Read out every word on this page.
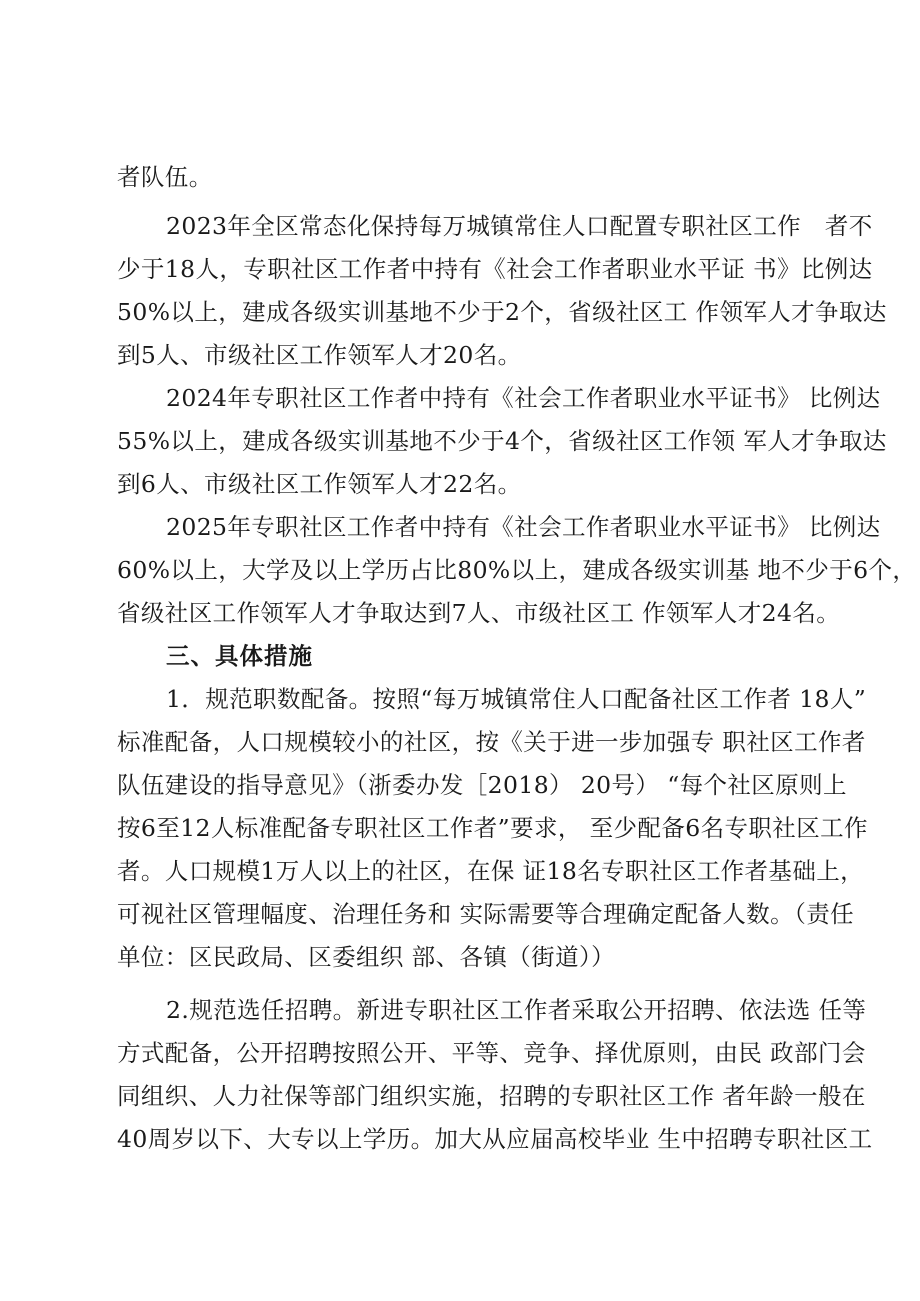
者队伍。
2023年全区常态化保持每万城镇常住人口配置专职社区工作　者不
少于18人，专职社区工作者中持有《社会工作者职业水平证 书》比例达
50%以上，建成各级实训基地不少于2个，省级社区工 作领军人才争取达
到5人、市级社区工作领军人才20名。
2024年专职社区工作者中持有《社会工作者职业水平证书》 比例达
55%以上，建成各级实训基地不少于4个，省级社区工作领 军人才争取达
到6人、市级社区工作领军人才22名。
2025年专职社区工作者中持有《社会工作者职业水平证书》 比例达
60%以上，大学及以上学历占比80%以上，建成各级实训基 地不少于6个，
省级社区工作领军人才争取达到7人、市级社区工 作领军人才24名。
三、具体措施
1．规范职数配备。按照“每万城镇常住人口配备社区工作者 18人”
标准配备，人口规模较小的社区，按《关于进一步加强专 职社区工作者
队伍建设的指导意见》（浙委办发［2018） 20号） “每个社区原则上
按6至12人标准配备专职社区工作者”要求， 至少配备6名专职社区工作
者。人口规模1万人以上的社区，在保 证18名专职社区工作者基础上，
可视社区管理幅度、治理任务和 实际需要等合理确定配备人数。（责任
单位：区民政局、区委组织 部、各镇（街道））
2.规范选任招聘。新进专职社区工作者采取公开招聘、依法选 任等
方式配备，公开招聘按照公开、平等、竞争、择优原则，由民 政部门会
同组织、人力社保等部门组织实施，招聘的专职社区工作 者年龄一般在
40周岁以下、大专以上学历。加大从应届高校毕业 生中招聘专职社区工
